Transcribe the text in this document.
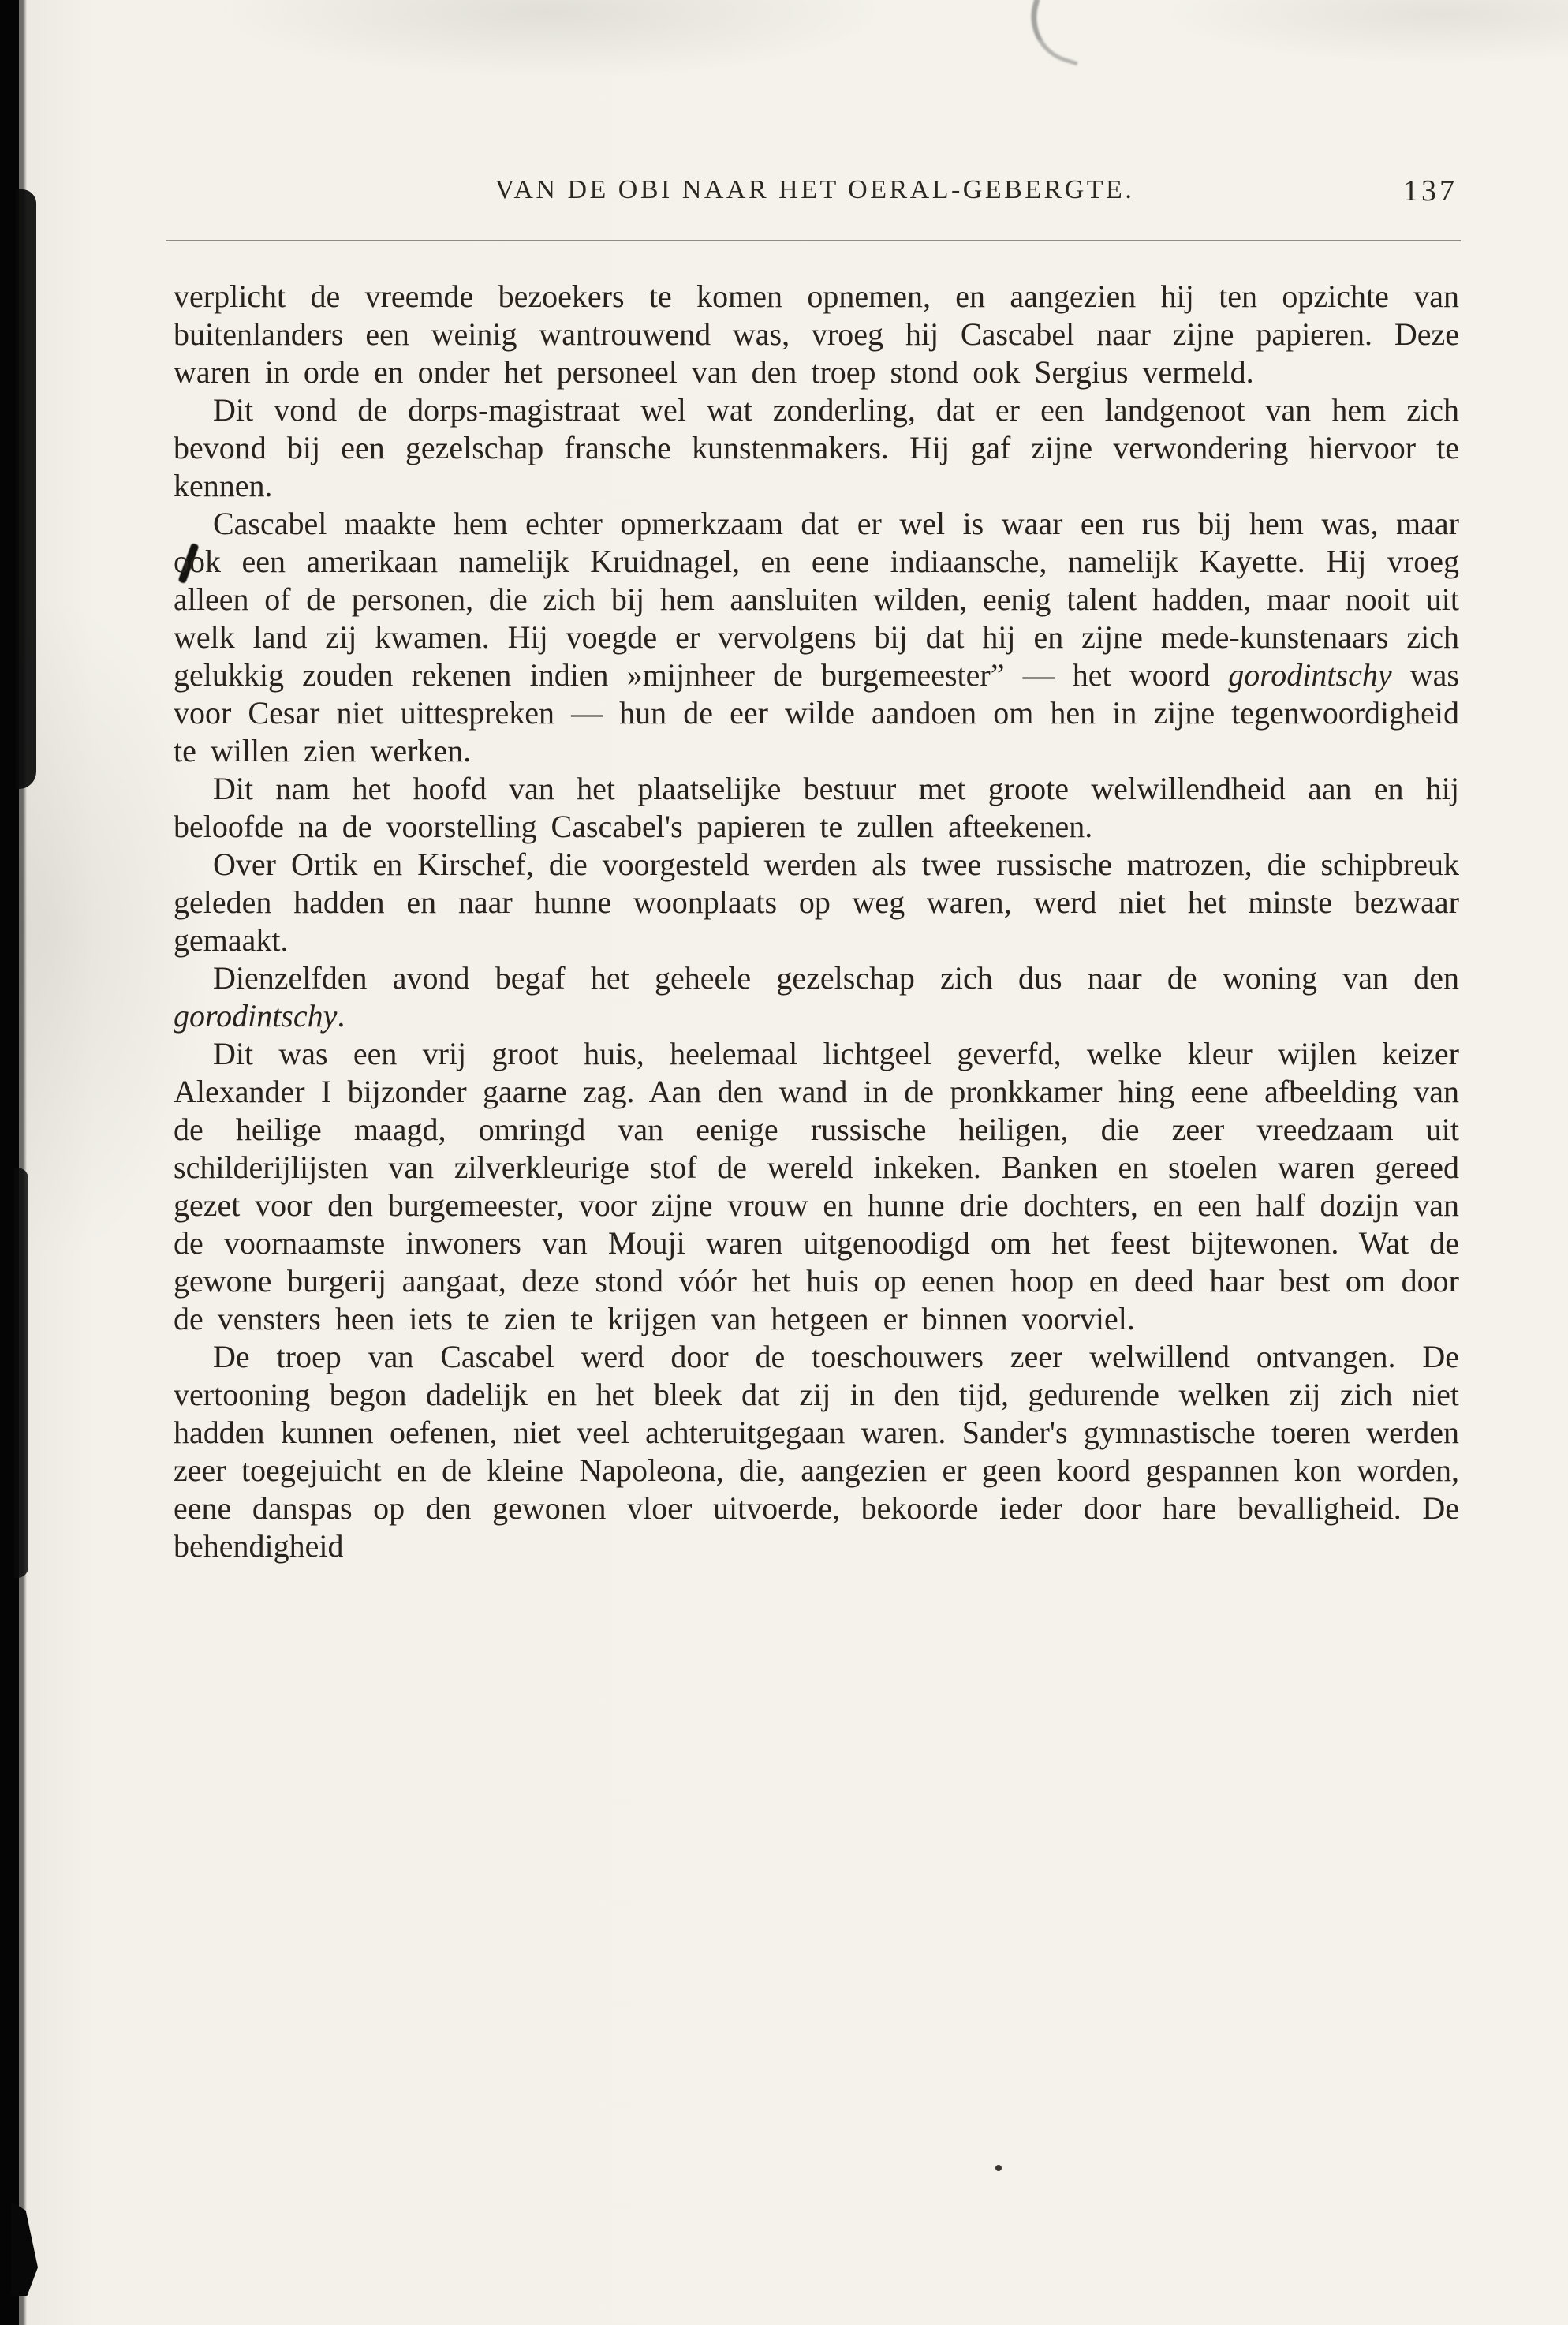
VAN DE OBI NAAR HET OERAL-GEBERGTE.	137

verplicht de vreemde bezoekers te komen opnemen, en aangezien hij ten opzichte van buitenlanders een weinig wantrouwend was, vroeg hij Cascabel naar zijne papieren. Deze waren in orde en onder het personeel van den troep stond ook Sergius vermeld.

Dit vond de dorps-magistraat wel wat zonderling, dat er een landgenoot van hem zich bevond bij een gezelschap fransche kunstenmakers. Hij gaf zijne verwondering hiervoor te kennen.

Cascabel maakte hem echter opmerkzaam dat er wel is waar een rus bij hem was, maar ook een amerikaan namelijk Kruidnagel, en eene indiaansche, namelijk Kayette. Hij vroeg alleen of de personen, die zich bij hem aansluiten wilden, eenig talent hadden, maar nooit uit welk land zij kwamen. Hij voegde er vervolgens bij dat hij en zijne mede-kunstenaars zich gelukkig zouden rekenen indien »mijnheer de burgemeester” — het woord gorodintschy was voor Cesar niet uittespreken — hun de eer wilde aandoen om hen in zijne tegenwoordigheid te willen zien werken.

Dit nam het hoofd van het plaatselijke bestuur met groote welwillendheid aan en hij beloofde na de voorstelling Cascabel's papieren te zullen afteekenen.

Over Ortik en Kirschef, die voorgesteld werden als twee russische matrozen, die schipbreuk geleden hadden en naar hunne woonplaats op weg waren, werd niet het minste bezwaar gemaakt.

Dienzelfden avond begaf het geheele gezelschap zich dus naar de woning van den gorodintschy.

Dit was een vrij groot huis, heelemaal lichtgeel geverfd, welke kleur wijlen keizer Alexander I bijzonder gaarne zag. Aan den wand in de pronkkamer hing eene afbeelding van de heilige maagd, omringd van eenige russische heiligen, die zeer vreedzaam uit schilderijlijsten van zilverkleurige stof de wereld inkeken. Banken en stoelen waren gereed gezet voor den burgemeester, voor zijne vrouw en hunne drie dochters, en een half dozijn van de voornaamste inwoners van Mouji waren uitgenoodigd om het feest bijtewonen. Wat de gewone burgerij aangaat, deze stond vóór het huis op eenen hoop en deed haar best om door de vensters heen iets te zien te krijgen van hetgeen er binnen voorviel.

De troep van Cascabel werd door de toeschouwers zeer welwillend ontvangen. De vertooning begon dadelijk en het bleek dat zij in den tijd, gedurende welken zij zich niet hadden kunnen oefenen, niet veel achteruitgegaan waren. Sander's gymnastische toeren werden zeer toegejuicht en de kleine Napoleona, die, aangezien er geen koord gespannen kon worden, eene danspas op den gewonen vloer uitvoerde, bekoorde ieder door hare bevalligheid. De behendigheid
